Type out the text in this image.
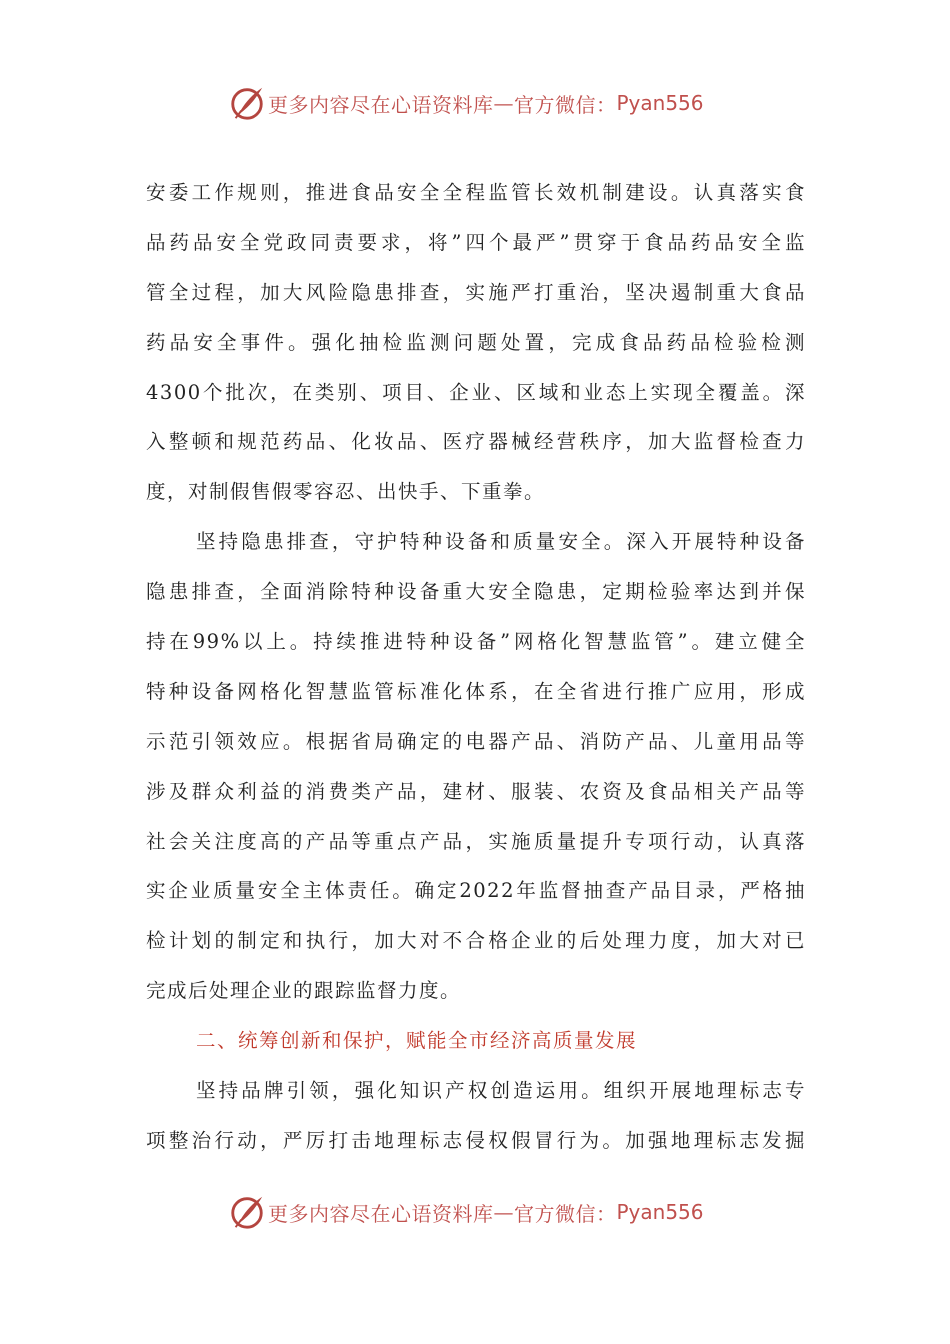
更多内容尽在心语资料库 — 官方微信： Pyan556
安委工作规则，推进食品安全全程监管长效机制建设。认真落实食
品药品安全党政同责要求，将”四个最严”贯穿于食品药品安全监
管全过程，加大风险隐患排查，实施严打重治，坚决遏制重大食品
药品安全事件。强化抽检监测问题处置，完成食品药品检验检测
4300个批次，在类别、项目、企业、区域和业态上实现全覆盖。深
入整顿和规范药品、化妆品、医疗器械经营秩序，加大监督检查力
度，对制假售假零容忍、出快手、下重拳。
坚持隐患排查，守护特种设备和质量安全。深入开展特种设备
隐患排查，全面消除特种设备重大安全隐患，定期检验率达到并保
持在99%以上。持续推进特种设备”网格化智慧监管”。建立健全
特种设备网格化智慧监管标准化体系，在全省进行推广应用，形成
示范引领效应。根据省局确定的电器产品、消防产品、儿童用品等
涉及群众利益的消费类产品，建材、服装、农资及食品相关产品等
社会关注度高的产品等重点产品，实施质量提升专项行动，认真落
实企业质量安全主体责任。确定2022年监督抽查产品目录，严格抽
检计划的制定和执行，加大对不合格企业的后处理力度，加大对已
完成后处理企业的跟踪监督力度。
二、统筹创新和保护，赋能全市经济高质量发展
坚持品牌引领，强化知识产权创造运用。组织开展地理标志专
项整治行动，严厉打击地理标志侵权假冒行为。加强地理标志发掘
更多内容尽在心语资料库 — 官方微信： Pyan556
